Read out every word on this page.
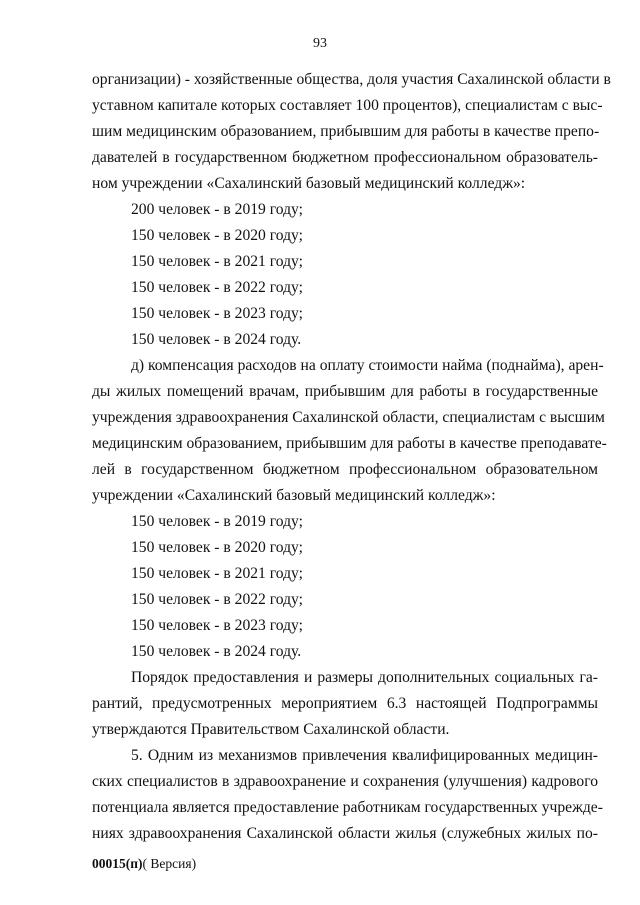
93
организации) - хозяйственные общества, доля участия Сахалинской области в
уставном капитале которых составляет 100 процентов), специалистам с выс-
шим медицинским образованием, прибывшим для работы в качестве препо-
давателей в государственном бюджетном профессиональном образователь-
ном учреждении «Сахалинский базовый медицинский колледж»:
200 человек - в 2019 году;
150 человек - в 2020 году;
150 человек - в 2021 году;
150 человек - в 2022 году;
150 человек - в 2023 году;
150 человек - в 2024 году.
д) компенсация расходов на оплату стоимости найма (поднайма), арен-
ды жилых помещений врачам, прибывшим для работы в государственные
учреждения здравоохранения Сахалинской области, специалистам с высшим
медицинским образованием, прибывшим для работы в качестве преподавате-
лей в государственном бюджетном профессиональном образовательном
учреждении «Сахалинский базовый медицинский колледж»:
150 человек - в 2019 году;
150 человек - в 2020 году;
150 человек - в 2021 году;
150 человек - в 2022 году;
150 человек - в 2023 году;
150 человек - в 2024 году.
Порядок предоставления и размеры дополнительных социальных га-
рантий, предусмотренных мероприятием 6.3 настоящей Подпрограммы
утверждаются Правительством Сахалинской области.
5. Одним из механизмов привлечения квалифицированных медицин-
ских специалистов в здравоохранение и сохранения (улучшения) кадрового
потенциала является предоставление работникам государственных учрежде-
ниях здравоохранения Сахалинской области жилья (служебных жилых по-
00015(п)( Версия)
